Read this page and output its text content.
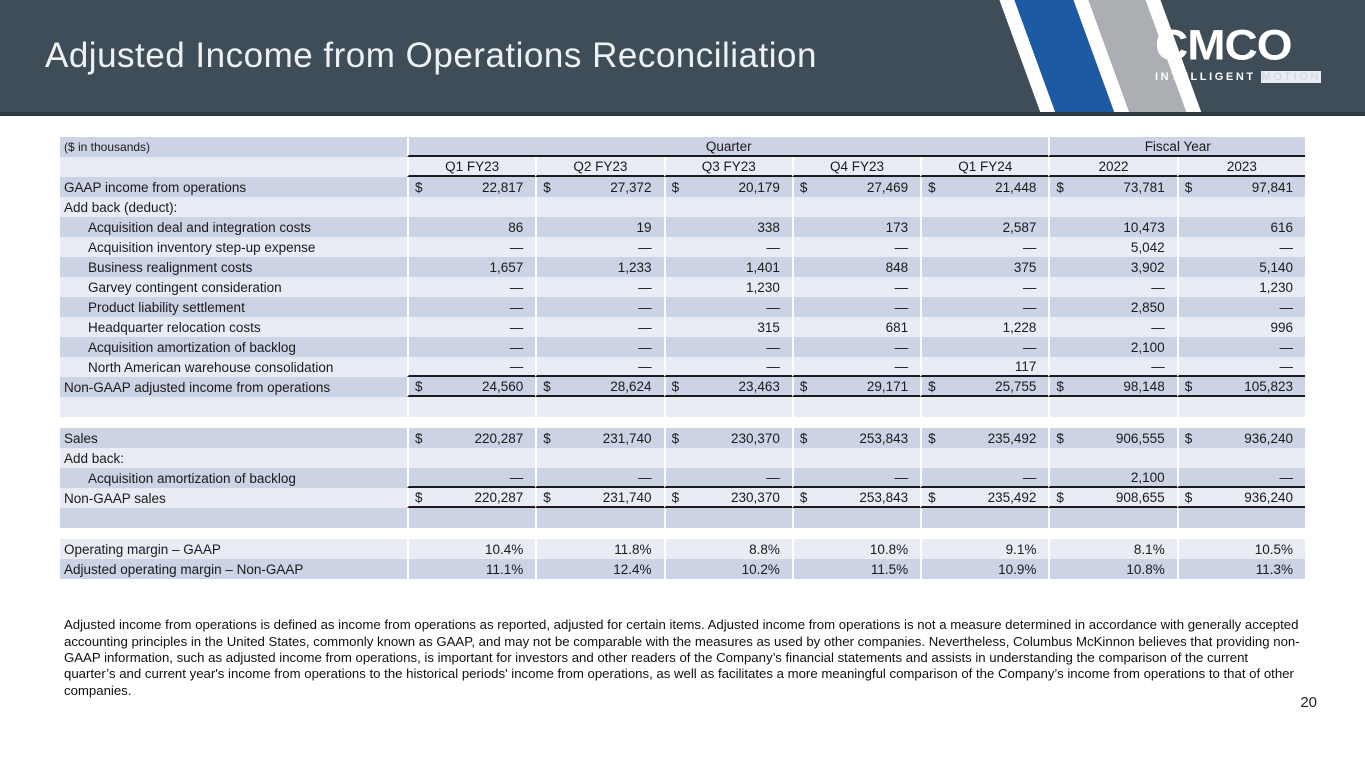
Adjusted Income from Operations Reconciliation	CMCO
INTELLIGENT MOTION
($ in thousands)	Quarter	Fiscal Year
Q1 FY23	Q2 FY23	Q3 FY23	Q4 FY23	Q1 FY24	2022	2023
GAAP income from operations	$	22,817 $	27,372 $	20,179 $	27,469 $	21,448 $	73,781 $	97,841
Add back (deduct):
Acquisition deal and integration costs	86	19	338	173	2,587	10,473	616
Acquisition inventory step-up expense	—	—	—	—	—	5,042	—
Business realignment costs	1,657	1,233	1,401	848	375	3,902	5,140
Garvey contingent consideration	—	—	1,230	—	—	—	1,230
Product liability settlement	—	—	—	—	—	2,850	—
Headquarter relocation costs	—	—	315	681	1,228	—	996
Acquisition amortization of backlog	—	—	—	—	—	2,100	—
North American warehouse consolidation	—	—	—	—	117	—	—
Non-GAAP adjusted income from operations	$	24,560 $	28,624 $	23,463 $	29,171 $	25,755 $	98,148 $	105,823
Sales	$	220,287 $	231,740 $	230,370 $	253,843 $	235,492 $	906,555 $	936,240
Add back:
Acquisition amortization of backlog	—	—	—	—	—	2,100	—
Non-GAAP sales	$	220,287 $	231,740 $	230,370 $	253,843 $	235,492 $	908,655 $	936,240
Operating margin – GAAP	10.4%	11.8%	8.8%	10.8%	9.1%	8.1%	10.5%
Adjusted operating margin – Non-GAAP	11.1%	12.4%	10.2%	11.5%	10.9%	10.8%	11.3%

Adjusted income from operations is defined as income from operations as reported, adjusted for certain items. Adjusted income from operations is not a measure determined in accordance with generally accepted accounting principles in the United States, commonly known as GAAP, and may not be comparable with the measures as used by other companies. Nevertheless, Columbus McKinnon believes that providing non-GAAP information, such as adjusted income from operations, is important for investors and other readers of the Company’s financial statements and assists in understanding the comparison of the current quarter’s and current year's income from operations to the historical periods' income from operations, as well as facilitates a more meaningful comparison of the Company’s income from operations to that of other companies.

20
